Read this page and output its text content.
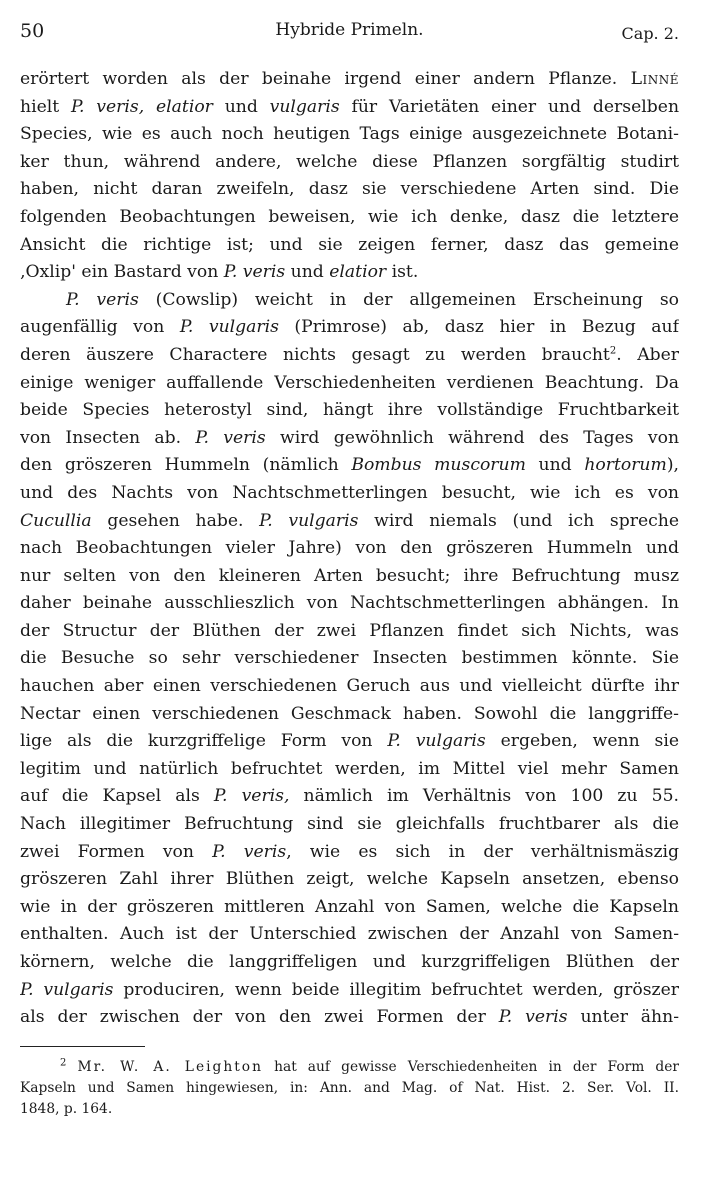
50	Hybride Primeln.	Cap. 2.
erörtert worden als der beinahe irgend einer andern Pflanze. Linné
hielt P. veris, elatior und vulgaris für Varietäten einer und derselben
Species, wie es auch noch heutigen Tags einige ausgezeichnete Botani-
ker thun, während andere, welche diese Pflanzen sorgfältig studirt
haben, nicht daran zweifeln, dasz sie verschiedene Arten sind. Die
folgenden Beobachtungen beweisen, wie ich denke, dasz die letztere
Ansicht die richtige ist; und sie zeigen ferner, dasz das gemeine
‚Oxlip' ein Bastard von P. veris und elatior ist.
P. veris (Cowslip) weicht in der allgemeinen Erscheinung so
augenfällig von P. vulgaris (Primrose) ab, dasz hier in Bezug auf
deren äuszere Charactere nichts gesagt zu werden braucht$^2$. Aber
einige weniger auffallende Verschiedenheiten verdienen Beachtung. Da
beide Species heterostyl sind, hängt ihre vollständige Fruchtbarkeit
von Insecten ab. P. veris wird gewöhnlich während des Tages von
den gröszeren Hummeln (nämlich Bombus muscorum und hortorum),
und des Nachts von Nachtschmetterlingen besucht, wie ich es von
Cucullia gesehen habe. P. vulgaris wird niemals (und ich spreche
nach Beobachtungen vieler Jahre) von den gröszeren Hummeln und
nur selten von den kleineren Arten besucht; ihre Befruchtung musz
daher beinahe ausschlieszlich von Nachtschmetterlingen abhängen. In
der Structur der Blüthen der zwei Pflanzen findet sich Nichts, was
die Besuche so sehr verschiedener Insecten bestimmen könnte. Sie
hauchen aber einen verschiedenen Geruch aus und vielleicht dürfte ihr
Nectar einen verschiedenen Geschmack haben. Sowohl die langgriffe-
lige als die kurzgriffelige Form von P. vulgaris ergeben, wenn sie
legitim und natürlich befruchtet werden, im Mittel viel mehr Samen
auf die Kapsel als P. veris, nämlich im Verhältnis von 100 zu 55.
Nach illegitimer Befruchtung sind sie gleichfalls fruchtbarer als die
zwei Formen von P. veris, wie es sich in der verhältnismäszig
gröszeren Zahl ihrer Blüthen zeigt, welche Kapseln ansetzen, ebenso
wie in der gröszeren mittleren Anzahl von Samen, welche die Kapseln
enthalten. Auch ist der Unterschied zwischen der Anzahl von Samen-
körnern, welche die langgriffeligen und kurzgriffeligen Blüthen der
P. vulgaris produciren, wenn beide illegitim befruchtet werden, gröszer
als der zwischen der von den zwei Formen der P. veris unter ähn-
$^2$ Mr. W. A. Leighton hat auf gewisse Verschiedenheiten in der Form der
Kapseln und Samen hingewiesen, in: Ann. and Mag. of Nat. Hist. 2. Ser. Vol. II.
1848, p. 164.
